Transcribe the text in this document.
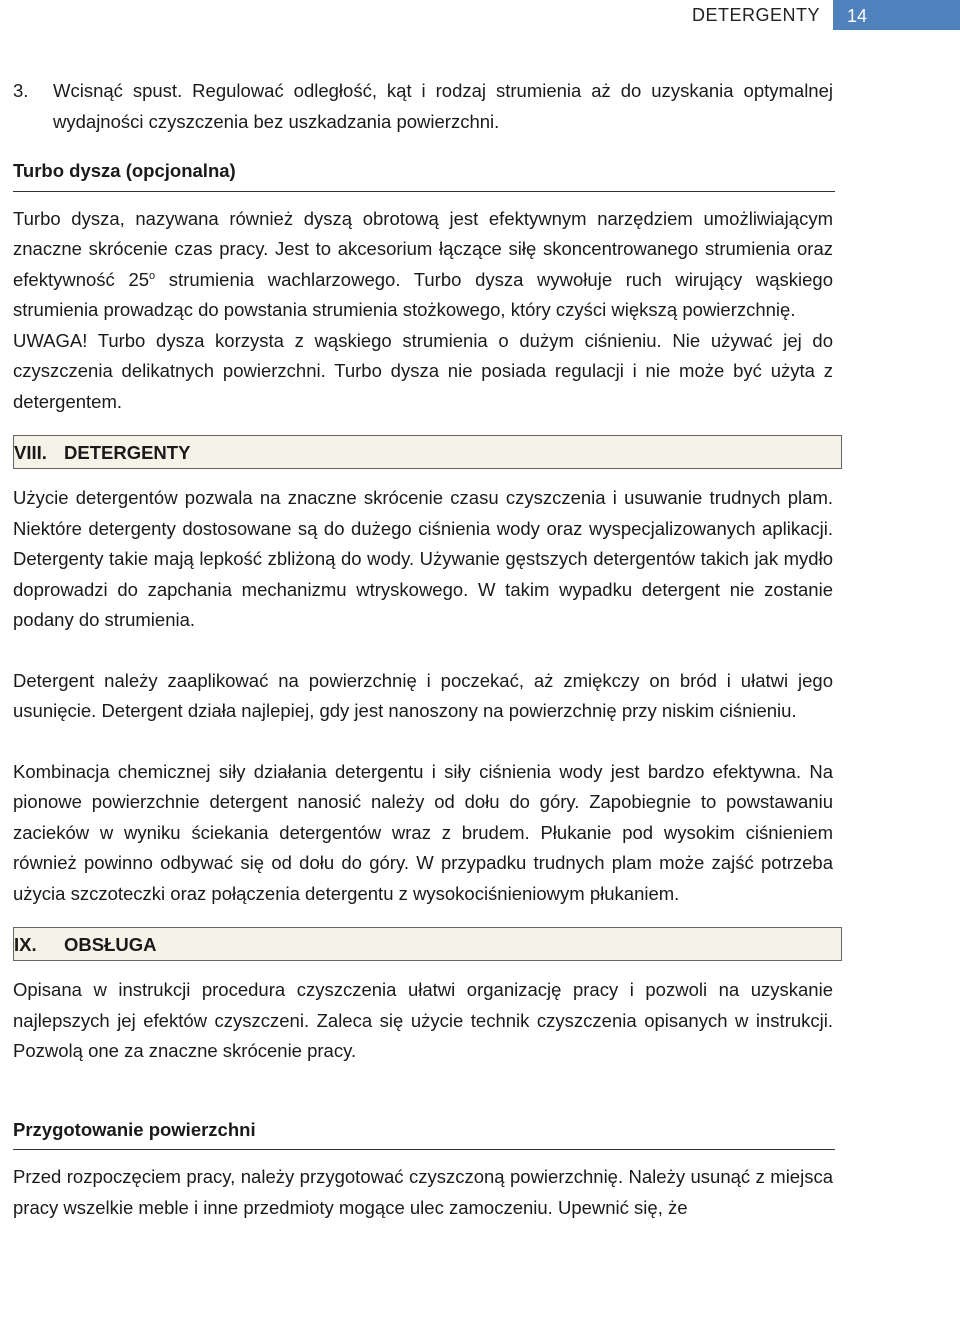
DETERGENTY	14
3.	Wcisnąć spust. Regulować odległość, kąt i rodzaj strumienia aż do uzyskania optymalnej wydajności czyszczenia bez uszkadzania powierzchni.
Turbo dysza (opcjonalna)

Turbo dysza, nazywana również dyszą obrotową jest efektywnym narzędziem umożliwiającym znaczne skrócenie czas pracy. Jest to akcesorium łączące siłę skoncentrowanego strumienia oraz efektywność 25$^o$ strumienia wachlarzowego. Turbo dysza wywołuje ruch wirujący wąskiego strumienia prowadząc do powstania strumienia stożkowego, który czyści większą powierzchnię.

UWAGA! Turbo dysza korzysta z wąskiego strumienia o dużym ciśnieniu. Nie używać jej do czyszczenia delikatnych powierzchni. Turbo dysza nie posiada regulacji i nie może być użyta z detergentem.

VIII. DETERGENTY

Użycie detergentów pozwala na znaczne skrócenie czasu czyszczenia i usuwanie trudnych plam. Niektóre detergenty dostosowane są do dużego ciśnienia wody oraz wyspecjalizowanych aplikacji. Detergenty takie mają lepkość zbliżoną do wody. Używanie gęstszych detergentów takich jak mydło doprowadzi do zapchania mechanizmu wtryskowego. W takim wypadku detergent nie zostanie podany do strumienia.

Detergent należy zaaplikować na powierzchnię i poczekać, aż zmiękczy on bród i ułatwi jego usunięcie. Detergent działa najlepiej, gdy jest nanoszony na powierzchnię przy niskim ciśnieniu.

Kombinacja chemicznej siły działania detergentu i siły ciśnienia wody jest bardzo efektywna. Na pionowe powierzchnie detergent nanosić należy od dołu do góry. Zapobiegnie to powstawaniu zacieków w wyniku ściekania detergentów wraz z brudem. Płukanie pod wysokim ciśnieniem również powinno odbywać się od dołu do góry. W przypadku trudnych plam może zajść potrzeba użycia szczoteczki oraz połączenia detergentu z wysokociśnieniowym płukaniem.

IX.	OBSŁUGA

Opisana w instrukcji procedura czyszczenia ułatwi organizację pracy i pozwoli na uzyskanie najlepszych jej efektów czyszczeni. Zaleca się użycie technik czyszczenia opisanych w instrukcji. Pozwolą one za znaczne skrócenie pracy.

Przygotowanie powierzchni

Przed rozpoczęciem pracy, należy przygotować czyszczoną powierzchnię. Należy usunąć z miejsca pracy wszelkie meble i inne przedmioty mogące ulec zamoczeniu. Upewnić się, że
